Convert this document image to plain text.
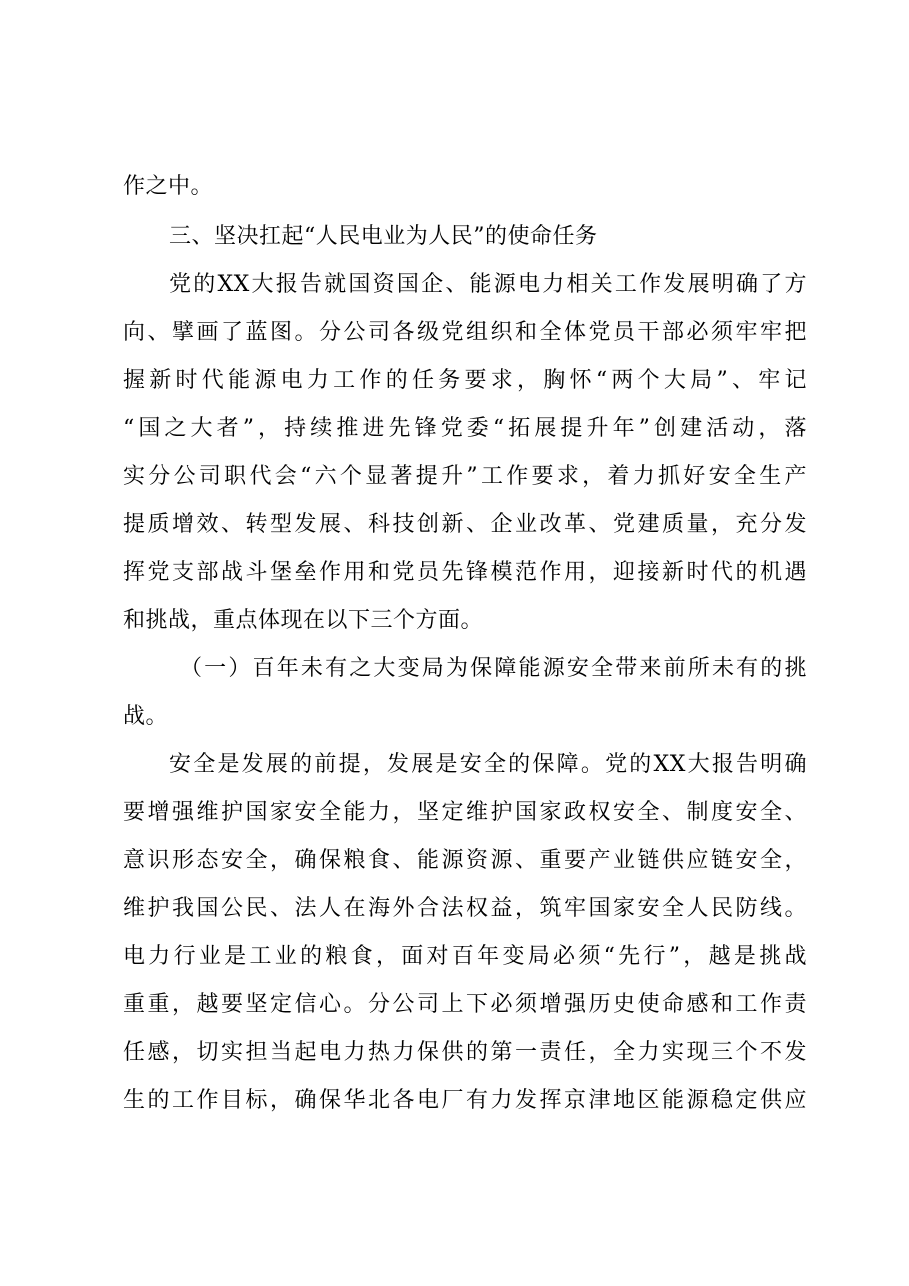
作之中。
三、坚决扛起“人民电业为人民”的使命任务
党的XX大报告就国资国企、能源电力相关工作发展明确了方
向、擘画了蓝图。分公司各级党组织和全体党员干部必须牢牢把
握新时代能源电力工作的任务要求，胸怀“两个大局”、牢记
“国之大者”，持续推进先锋党委“拓展提升年”创建活动，落
实分公司职代会“六个显著提升”工作要求，着力抓好安全生产
提质增效、转型发展、科技创新、企业改革、党建质量，充分发
挥党支部战斗堡垒作用和党员先锋模范作用，迎接新时代的机遇
和挑战，重点体现在以下三个方面。
（一）百年未有之大变局为保障能源安全带来前所未有的挑
战。
安全是发展的前提，发展是安全的保障。党的XX大报告明确
要增强维护国家安全能力，坚定维护国家政权安全、制度安全、
意识形态安全，确保粮食、能源资源、重要产业链供应链安全，
维护我国公民、法人在海外合法权益，筑牢国家安全人民防线。
电力行业是工业的粮食，面对百年变局必须“先行”，越是挑战
重重，越要坚定信心。分公司上下必须增强历史使命感和工作责
任感，切实担当起电力热力保供的第一责任，全力实现三个不发
生的工作目标，确保华北各电厂有力发挥京津地区能源稳定供应
